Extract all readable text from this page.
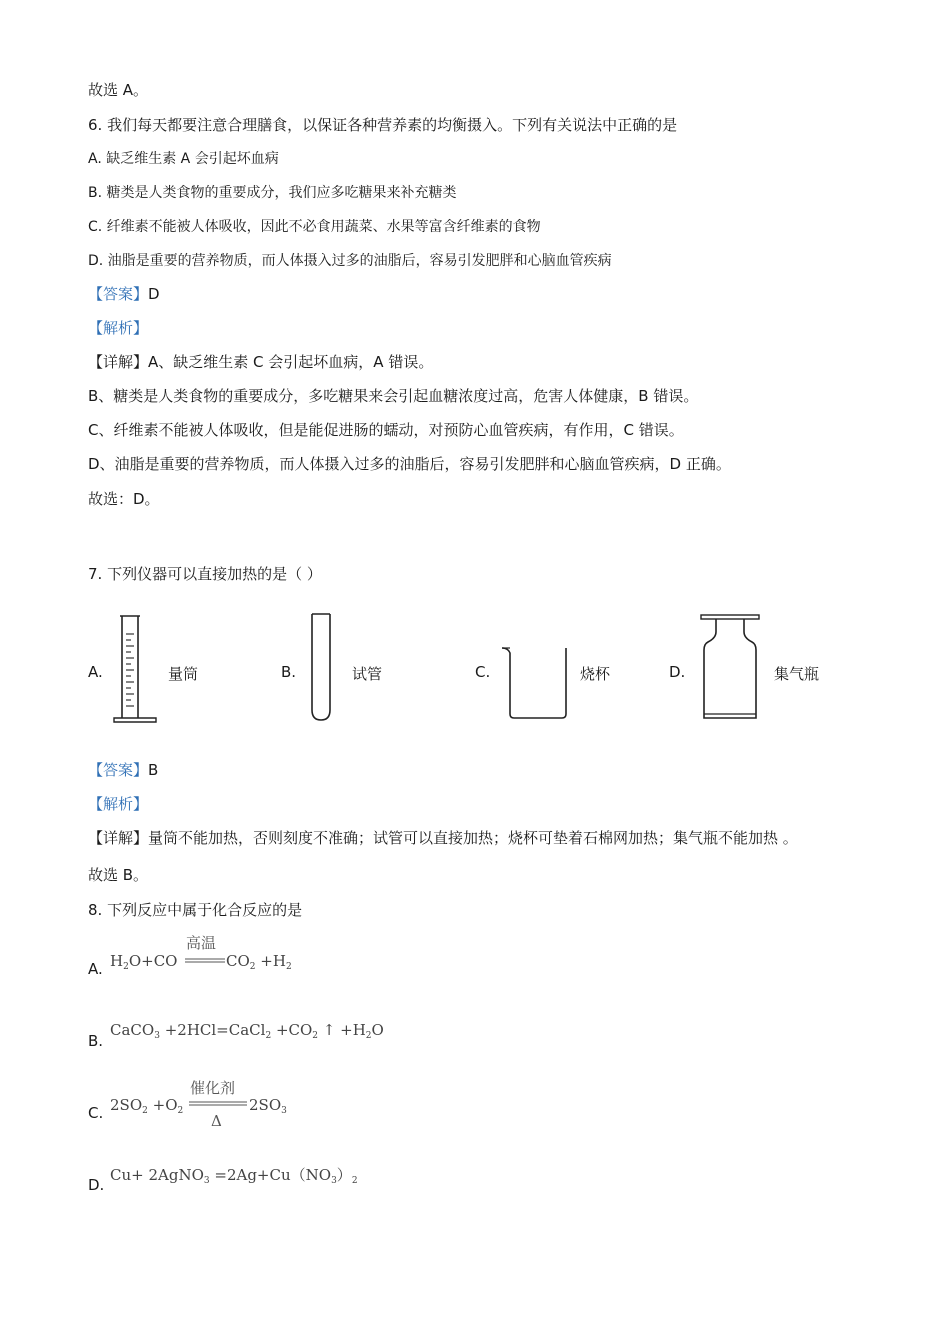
故选 A。
6. 我们每天都要注意合理膳食，以保证各种营养素的均衡摄入。下列有关说法中正确的是
A. 缺乏维生素 A 会引起坏血病
B. 糖类是人类食物的重要成分，我们应多吃糖果来补充糖类
C. 纤维素不能被人体吸收，因此不必食用蔬菜、水果等富含纤维素的食物
D. 油脂是重要的营养物质，而人体摄入过多的油脂后，容易引发肥胖和心脑血管疾病
【答案】D
【解析】
【详解】A、缺乏维生素 C 会引起坏血病，A 错误。
B、糖类是人类食物的重要成分，多吃糖果来会引起血糖浓度过高，危害人体健康，B 错误。
C、纤维素不能被人体吸收，但是能促进肠的蠕动，对预防心血管疾病，有作用，C 错误。
D、油脂是重要的营养物质，而人体摄入过多的油脂后，容易引发肥胖和心脑血管疾病，D 正确。
故选：D。
7. 下列仪器可以直接加热的是（ ）
A.	量筒	B.	试管	C.	烧杯	D.	集气瓶
【答案】B
【解析】
【详解】量筒不能加热，否则刻度不准确；试管可以直接加热；烧杯可垫着石棉网加热；集气瓶不能加热 。
故选 B。
8. 下列反应中属于化合反应的是
A. $H_2O+CO$
高温
$CO_2 +H_2$
B.
CaCO$_3$ +2HCl=CaCl$_2$ $+CO_2$ ↑ $+H_2O$
C. $2SO_2 +O_2$
催化剂
Δ
$2SO_3$
D.
Cu+ 2AgNO$_3$ $=2Ag+Cu(NO_3)_2$
